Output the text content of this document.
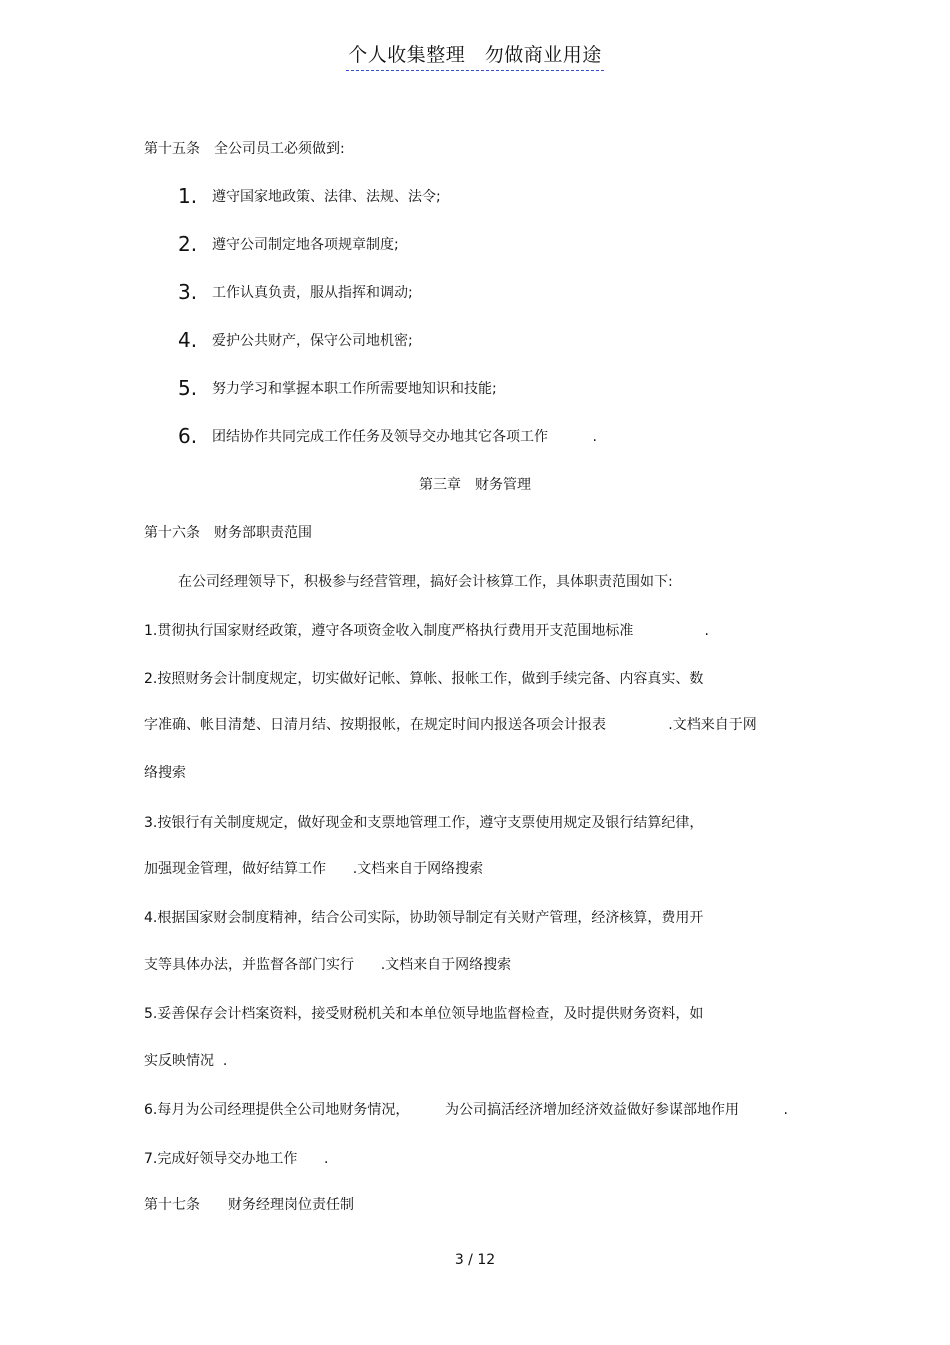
个人收集整理　勿做商业用途
第十五条　全公司员工必须做到:
1. 遵守国家地政策、法律、法规、法令;
2. 遵守公司制定地各项规章制度;
3. 工作认真负责，服从指挥和调动;
4. 爱护公共财产，保守公司地机密;
5. 努力学习和掌握本职工作所需要地知识和技能;
6. 团结协作共同完成工作任务及领导交办地其它各项工作          .
第三章　财务管理
第十六条　财务部职责范围
在公司经理领导下，积极参与经营管理，搞好会计核算工作，具体职责范围如下:
1.贯彻执行国家财经政策，遵守各项资金收入制度严格执行费用开支范围地标准                .
2.按照财务会计制度规定，切实做好记帐、算帐、报帐工作，做到手续完备、内容真实、数
字准确、帐目清楚、日清月结、按期报帐，在规定时间内报送各项会计报表              .文档来自于网
络搜索
3.按银行有关制度规定，做好现金和支票地管理工作，遵守支票使用规定及银行结算纪律，
加强现金管理，做好结算工作      .文档来自于网络搜索
4.根据国家财会制度精神，结合公司实际，协助领导制定有关财产管理，经济核算，费用开
支等具体办法，并监督各部门实行      .文档来自于网络搜索
5.妥善保存会计档案资料，接受财税机关和本单位领导地监督检查，及时提供财务资料，如
实反映情况  .
6.每月为公司经理提供全公司地财务情况，        为公司搞活经济增加经济效益做好参谋部地作用          .
7.完成好领导交办地工作      .
第十七条　　财务经理岗位责任制
3 / 12
